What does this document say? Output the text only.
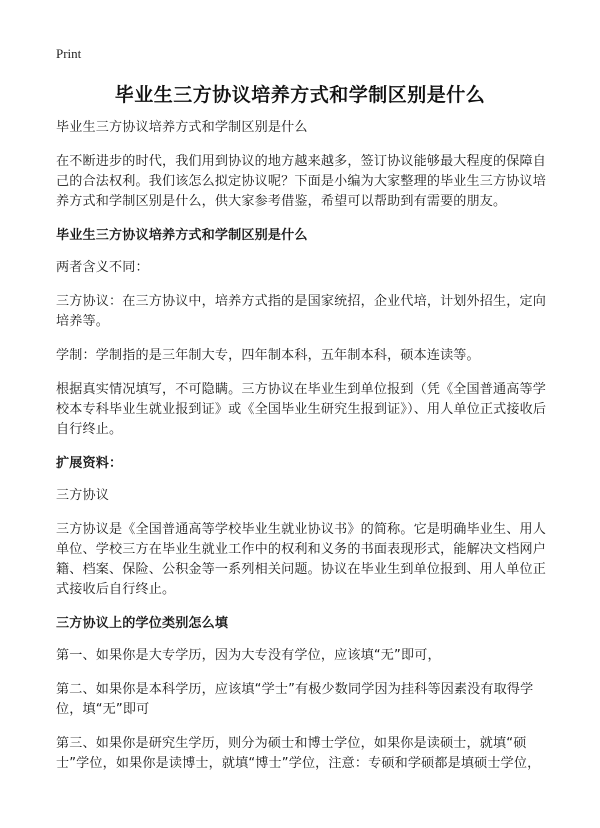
Print
毕业生三方协议培养方式和学制区别是什么

毕业生三方协议培养方式和学制区别是什么

在不断进步的时代，我们用到协议的地方越来越多，签订协议能够最大程度的保障自己的合法权利。我们该怎么拟定协议呢？下面是小编为大家整理的毕业生三方协议培养方式和学制区别是什么，供大家参考借鉴，希望可以帮助到有需要的朋友。

毕业生三方协议培养方式和学制区别是什么

两者含义不同：

三方协议：在三方协议中，培养方式指的是国家统招，企业代培，计划外招生，定向培养等。

学制：学制指的是三年制大专，四年制本科，五年制本科，硕本连读等。

根据真实情况填写，不可隐瞒。三方协议在毕业生到单位报到（凭《全国普通高等学校本专科毕业生就业报到证》或《全国毕业生研究生报到证》）、用人单位正式接收后自行终止。

扩展资料：

三方协议

三方协议是《全国普通高等学校毕业生就业协议书》的简称。它是明确毕业生、用人单位、学校三方在毕业生就业工作中的权利和义务的书面表现形式，能解决文档网户籍、档案、保险、公积金等一系列相关问题。协议在毕业生到单位报到、用人单位正式接收后自行终止。

三方协议上的学位类别怎么填

第一、如果你是大专学历，因为大专没有学位，应该填“无”即可，

第二、如果你是本科学历，应该填“学士”有极少数同学因为挂科等因素没有取得学位，填“无”即可

第三、如果你是研究生学历，则分为硕士和博士学位，如果你是读硕士，就填“硕士”学位，如果你是读博士，就填“博士”学位，注意：专硕和学硕都是填硕士学位，
